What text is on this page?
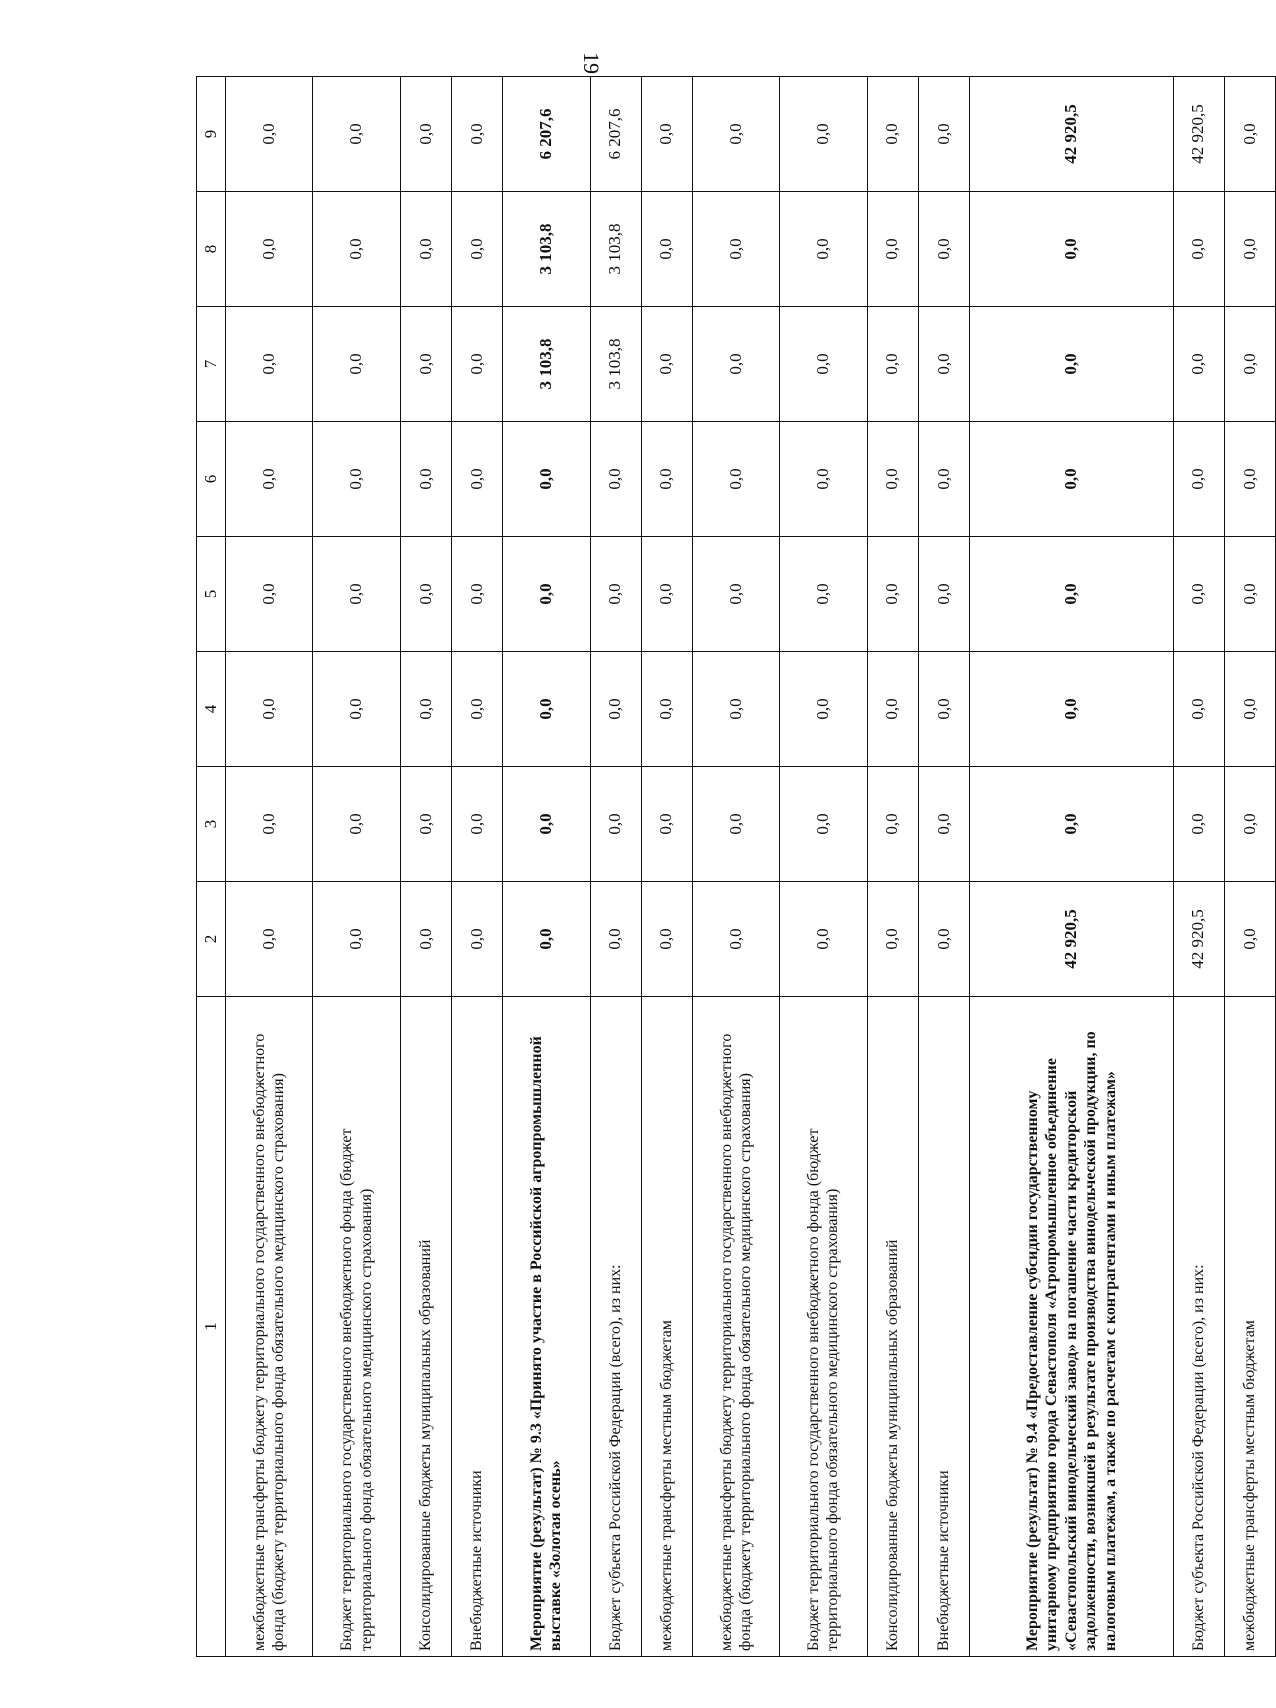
19
1	2	3	4	5	6	7	8	9
межбюджетные трансферты бюджету территориального государственного внебюджетного фонда (бюджету территориального фонда обязательного медицинского страхования)	0,0	0,0	0,0	0,0	0,0	0,0	0,0	0,0
Бюджет территориального государственного внебюджетного фонда (бюджет территориального фонда обязательного медицинского страхования)	0,0	0,0	0,0	0,0	0,0	0,0	0,0	0,0
Консолидированные бюджеты муниципальных образований	0,0	0,0	0,0	0,0	0,0	0,0	0,0	0,0
Внебюджетные источники	0,0	0,0	0,0	0,0	0,0	0,0	0,0	0,0
Мероприятие (результат) № 9.3 «Принято участие в Российской агропромышленной выставке «Золотая осень»	0,0	0,0	0,0	0,0	0,0	3 103,8	3 103,8	6 207,6
Бюджет субъекта Российской Федерации (всего), из них:	0,0	0,0	0,0	0,0	0,0	3 103,8	3 103,8	6 207,6
межбюджетные трансферты местным бюджетам	0,0	0,0	0,0	0,0	0,0	0,0	0,0	0,0
межбюджетные трансферты бюджету территориального государственного внебюджетного фонда (бюджету территориального фонда обязательного медицинского страхования)	0,0	0,0	0,0	0,0	0,0	0,0	0,0	0,0
Бюджет территориального государственного внебюджетного фонда (бюджет территориального фонда обязательного медицинского страхования)	0,0	0,0	0,0	0,0	0,0	0,0	0,0	0,0
Консолидированные бюджеты муниципальных образований	0,0	0,0	0,0	0,0	0,0	0,0	0,0	0,0
Внебюджетные источники	0,0	0,0	0,0	0,0	0,0	0,0	0,0	0,0
Мероприятие (результат) № 9.4 «Предоставление субсидии государственному унитарному предприятию города Севастополя «Агропромышленное объединение «Севастопольский винодельческий завод» на погашение части кредиторской задолженности, возникшей в результате производства винодельческой продукции, по налоговым платежам, а также по расчетам с контрагентами и иным платежам»	42 920,5	0,0	0,0	0,0	0,0	0,0	0,0	42 920,5
Бюджет субъекта Российской Федерации (всего), из них:	42 920,5	0,0	0,0	0,0	0,0	0,0	0,0	42 920,5
межбюджетные трансферты местным бюджетам	0,0	0,0	0,0	0,0	0,0	0,0	0,0	0,0
